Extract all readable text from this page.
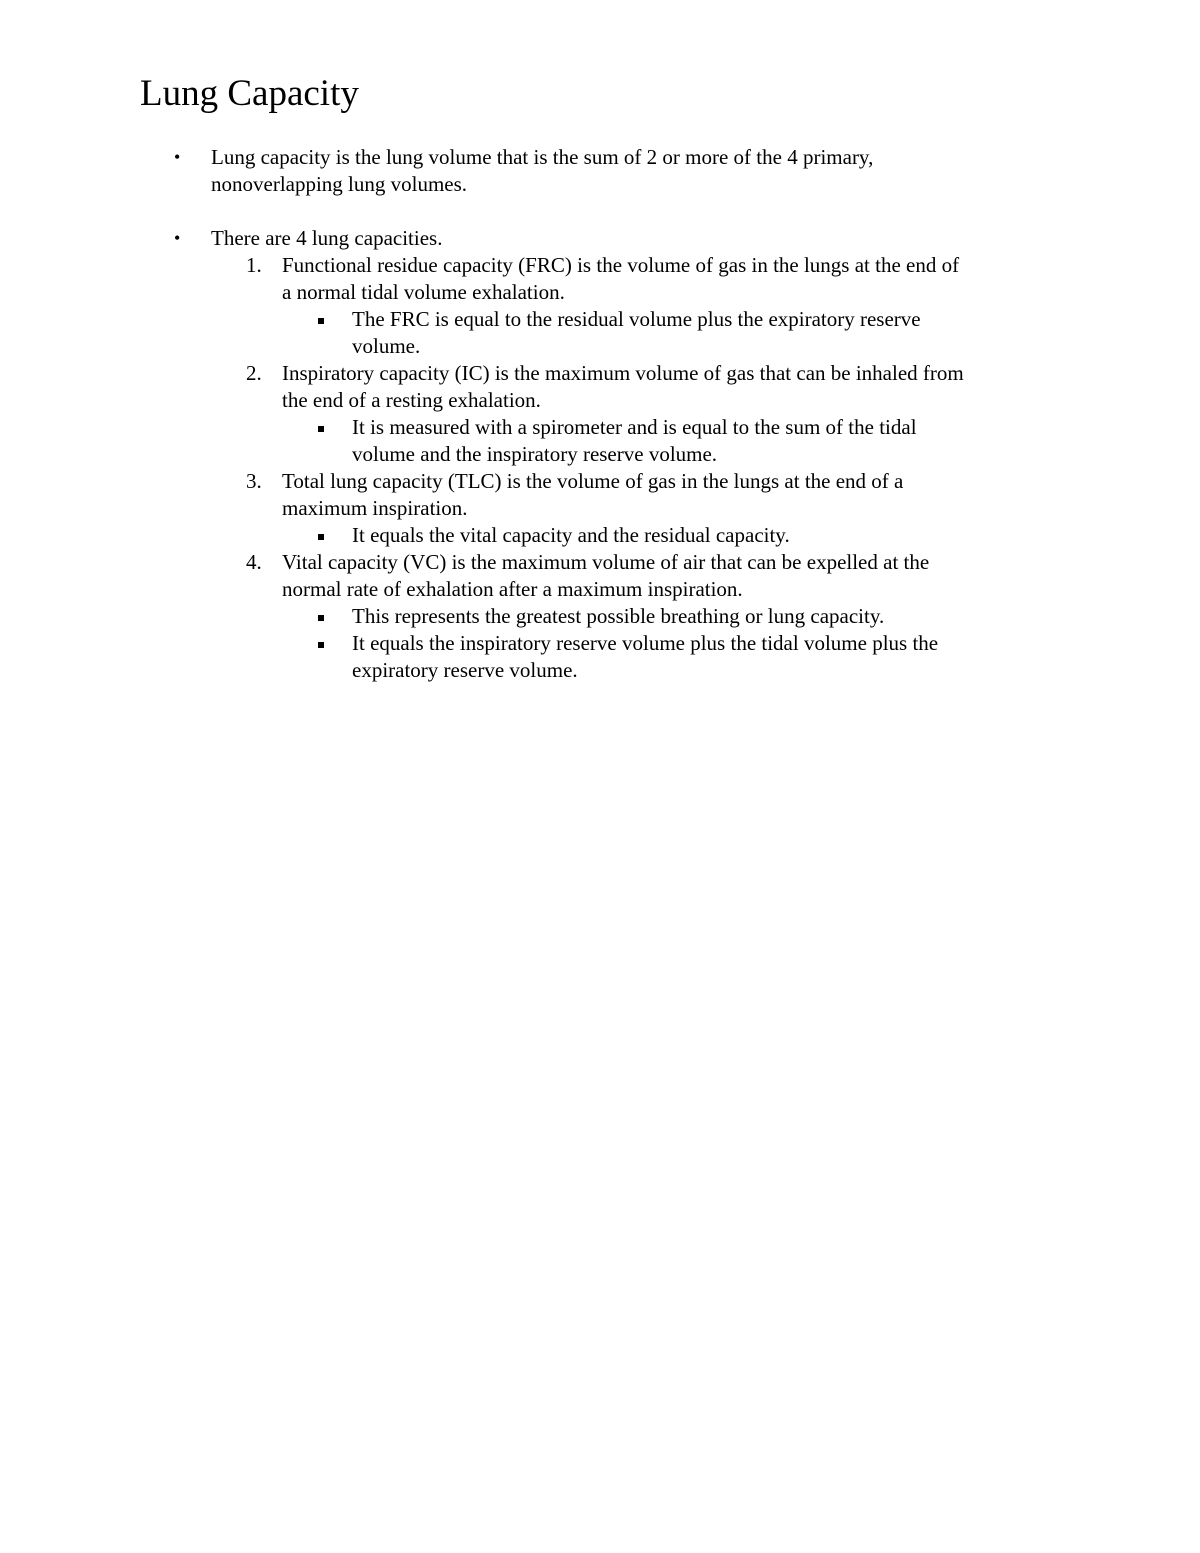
Lung Capacity
• Lung capacity is the lung volume that is the sum of 2 or more of the 4 primary,
nonoverlapping lung volumes.
• There are 4 lung capacities.
1. Functional residue capacity (FRC) is the volume of gas in the lungs at the end of
a normal tidal volume exhalation.
The FRC is equal to the residual volume plus the expiratory reserve
volume.
2. Inspiratory capacity (IC) is the maximum volume of gas that can be inhaled from
the end of a resting exhalation.
It is measured with a spirometer and is equal to the sum of the tidal
volume and the inspiratory reserve volume.
3. Total lung capacity (TLC) is the volume of gas in the lungs at the end of a
maximum inspiration.
It equals the vital capacity and the residual capacity.
4. Vital capacity (VC) is the maximum volume of air that can be expelled at the
normal rate of exhalation after a maximum inspiration.
This represents the greatest possible breathing or lung capacity.
It equals the inspiratory reserve volume plus the tidal volume plus the
expiratory reserve volume.
